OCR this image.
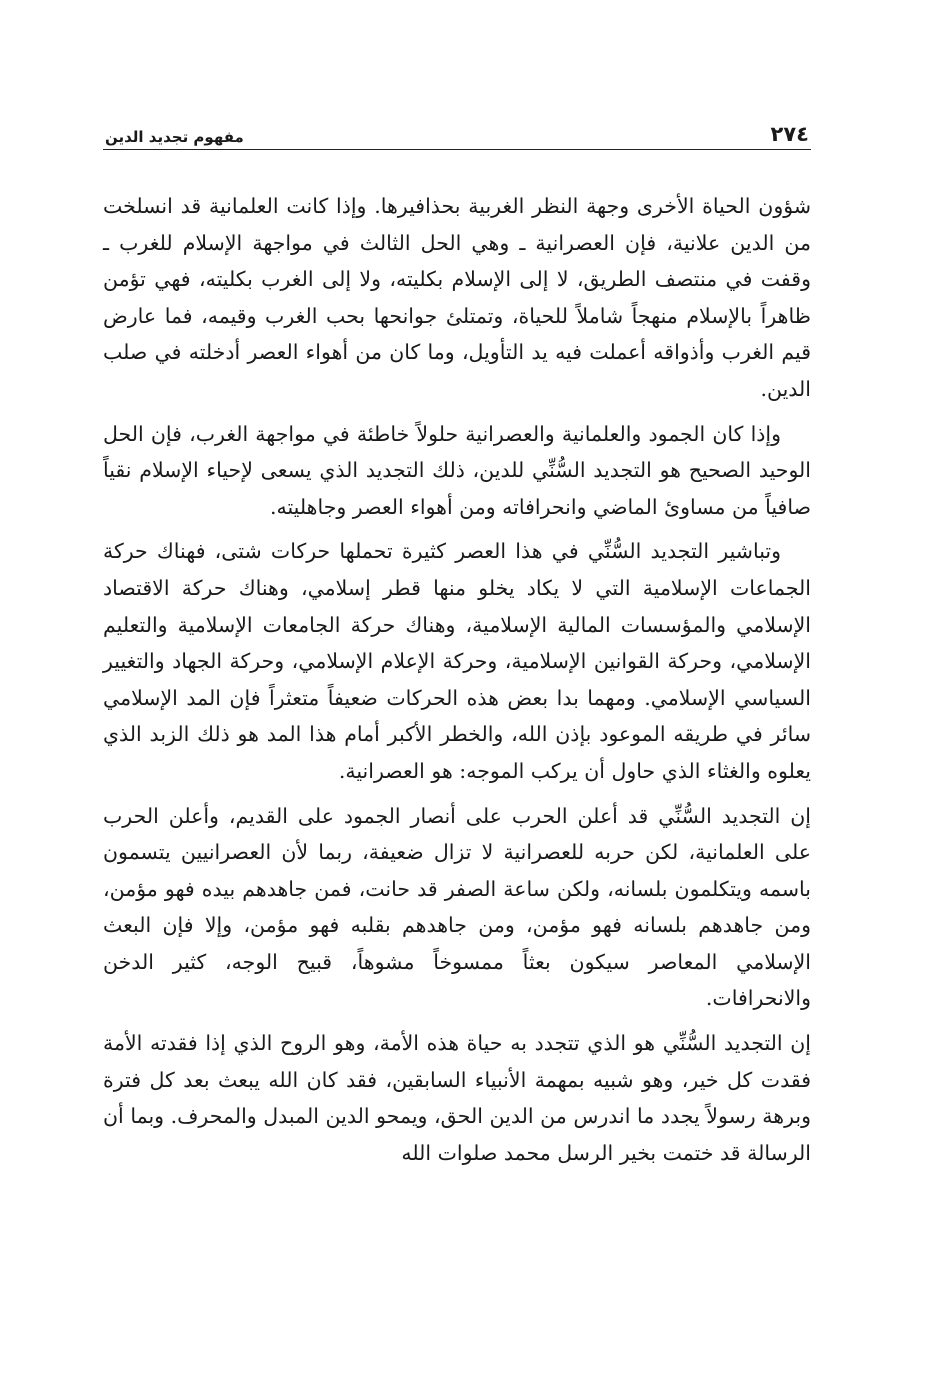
٢٧٤
مفهوم تجديد الدين

شؤون الحياة الأخرى وجهة النظر الغربية بحذافيرها. وإذا كانت العلمانية قد انسلخت من الدين علانية، فإن العصرانية ـ وهي الحل الثالث في مواجهة الإسلام للغرب ـ وقفت في منتصف الطريق، لا إلى الإسلام بكليته، ولا إلى الغرب بكليته، فهي تؤمن ظاهراً بالإسلام منهجاً شاملاً للحياة، وتمتلئ جوانحها بحب الغرب وقيمه، فما عارض قيم الغرب وأذواقه أعملت فيه يد التأويل، وما كان من أهواء العصر أدخلته في صلب الدين.

وإذا كان الجمود والعلمانية والعصرانية حلولاً خاطئة في مواجهة الغرب، فإن الحل الوحيد الصحيح هو التجديد السُّنِّي للدين، ذلك التجديد الذي يسعى لإحياء الإسلام نقياً صافياً من مساوئ الماضي وانحرافاته ومن أهواء العصر وجاهليته.

وتباشير التجديد السُّنِّي في هذا العصر كثيرة تحملها حركات شتى، فهناك حركة الجماعات الإسلامية التي لا يكاد يخلو منها قطر إسلامي، وهناك حركة الاقتصاد الإسلامي والمؤسسات المالية الإسلامية، وهناك حركة الجامعات الإسلامية والتعليم الإسلامي، وحركة القوانين الإسلامية، وحركة الإعلام الإسلامي، وحركة الجهاد والتغيير السياسي الإسلامي. ومهما بدا بعض هذه الحركات ضعيفاً متعثراً فإن المد الإسلامي سائر في طريقه الموعود بإذن الله، والخطر الأكبر أمام هذا المد هو ذلك الزبد الذي يعلوه والغثاء الذي حاول أن يركب الموجه: هو العصرانية.

إن التجديد السُّنِّي قد أعلن الحرب على أنصار الجمود على القديم، وأعلن الحرب على العلمانية، لكن حربه للعصرانية لا تزال ضعيفة، ربما لأن العصرانيين يتسمون باسمه ويتكلمون بلسانه، ولكن ساعة الصفر قد حانت، فمن جاهدهم بيده فهو مؤمن، ومن جاهدهم بلسانه فهو مؤمن، ومن جاهدهم بقلبه فهو مؤمن، وإلا فإن البعث الإسلامي المعاصر سيكون بعثاً ممسوخاً مشوهاً، قبيح الوجه، كثير الدخن والانحرافات.

إن التجديد السُّنِّي هو الذي تتجدد به حياة هذه الأمة، وهو الروح الذي إذا فقدته الأمة فقدت كل خير، وهو شبيه بمهمة الأنبياء السابقين، فقد كان الله يبعث بعد كل فترة وبرهة رسولاً يجدد ما اندرس من الدين الحق، ويمحو الدين المبدل والمحرف. وبما أن الرسالة قد ختمت بخير الرسل محمد صلوات الله
